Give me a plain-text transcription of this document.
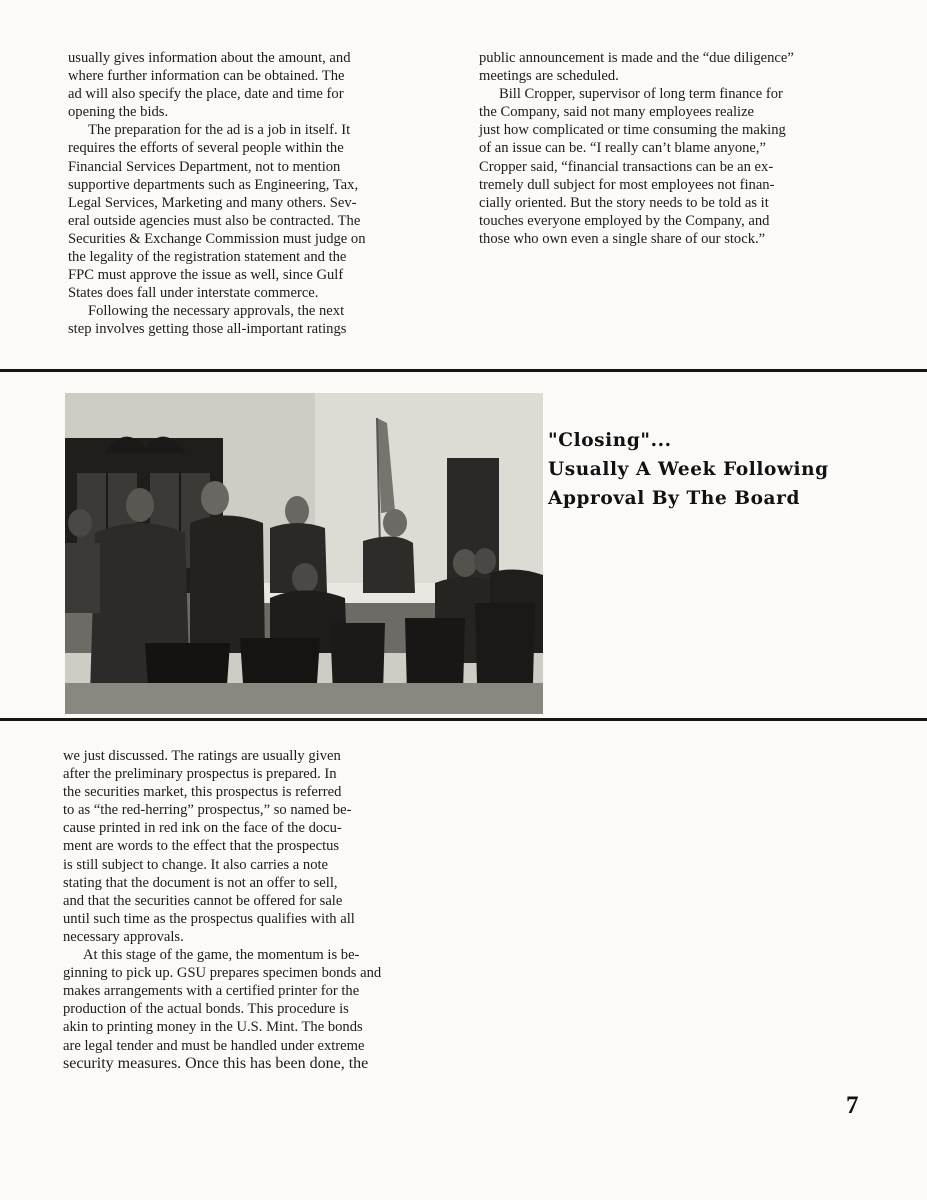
usually gives information about the amount, and
where further information can be obtained. The
ad will also specify the place, date and time for
opening the bids.
The preparation for the ad is a job in itself. It
requires the efforts of several people within the
Financial Services Department, not to mention
supportive departments such as Engineering, Tax,
Legal Services, Marketing and many others. Sev-
eral outside agencies must also be contracted. The
Securities & Exchange Commission must judge on
the legality of the registration statement and the
FPC must approve the issue as well, since Gulf
States does fall under interstate commerce.
Following the necessary approvals, the next
step involves getting those all-important ratings
public announcement is made and the “due diligence”
meetings are scheduled.
Bill Cropper, supervisor of long term finance for
the Company, said not many employees realize
just how complicated or time consuming the making
of an issue can be. “I really can’t blame anyone,”
Cropper said, “financial transactions can be an ex-
tremely dull subject for most employees not finan-
cially oriented. But the story needs to be told as it
touches everyone employed by the Company, and
those who own even a single share of our stock.”
"Closing"...
Usually A Week Following
Approval By The Board
we just discussed. The ratings are usually given
after the preliminary prospectus is prepared. In
the securities market, this prospectus is referred
to as “the red-herring” prospectus,” so named be-
cause printed in red ink on the face of the docu-
ment are words to the effect that the prospectus
is still subject to change. It also carries a note
stating that the document is not an offer to sell,
and that the securities cannot be offered for sale
until such time as the prospectus qualifies with all
necessary approvals.
At this stage of the game, the momentum is be-
ginning to pick up. GSU prepares specimen bonds and
makes arrangements with a certified printer for the
production of the actual bonds. This procedure is
akin to printing money in the U.S. Mint. The bonds
are legal tender and must be handled under extreme
security measures. Once this has been done, the
7
